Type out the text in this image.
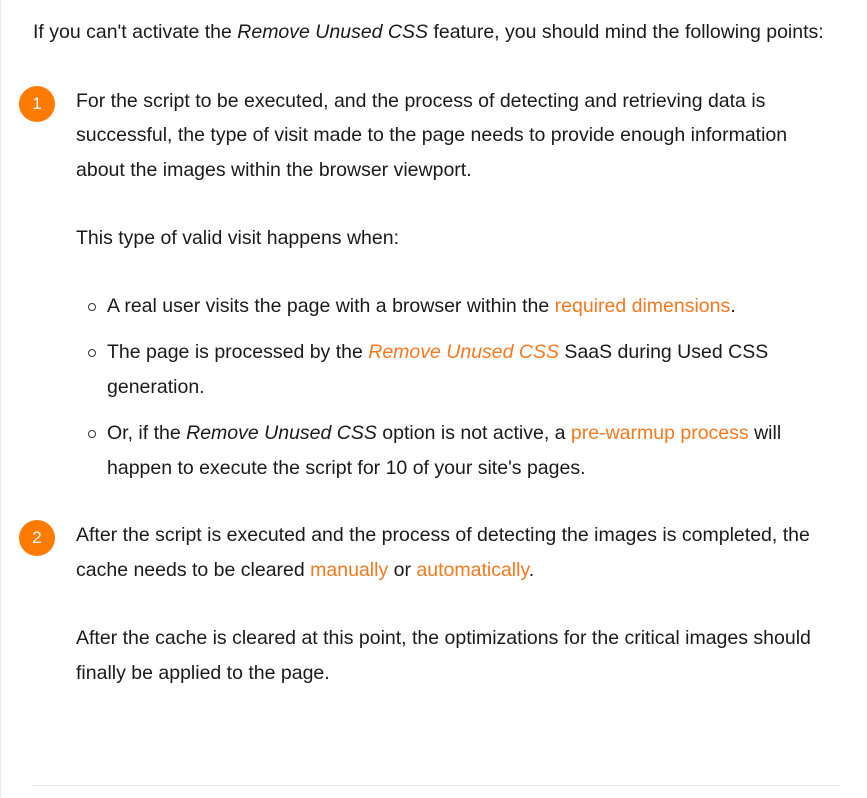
If you can't activate the Remove Unused CSS feature, you should mind the following points:

1	For the script to be executed, and the process of detecting and retrieving data is successful, the type of visit made to the page needs to provide enough information about the images within the browser viewport.

This type of valid visit happens when:

A real user visits the page with a browser within the required dimensions.
The page is processed by the Remove Unused CSS SaaS during Used CSS generation.
Or, if the Remove Unused CSS option is not active, a pre-warmup process will happen to execute the script for 10 of your site's pages.
2	After the script is executed and the process of detecting the images is completed, the cache needs to be cleared manually or automatically.

After the cache is cleared at this point, the optimizations for the critical images should finally be applied to the page.
